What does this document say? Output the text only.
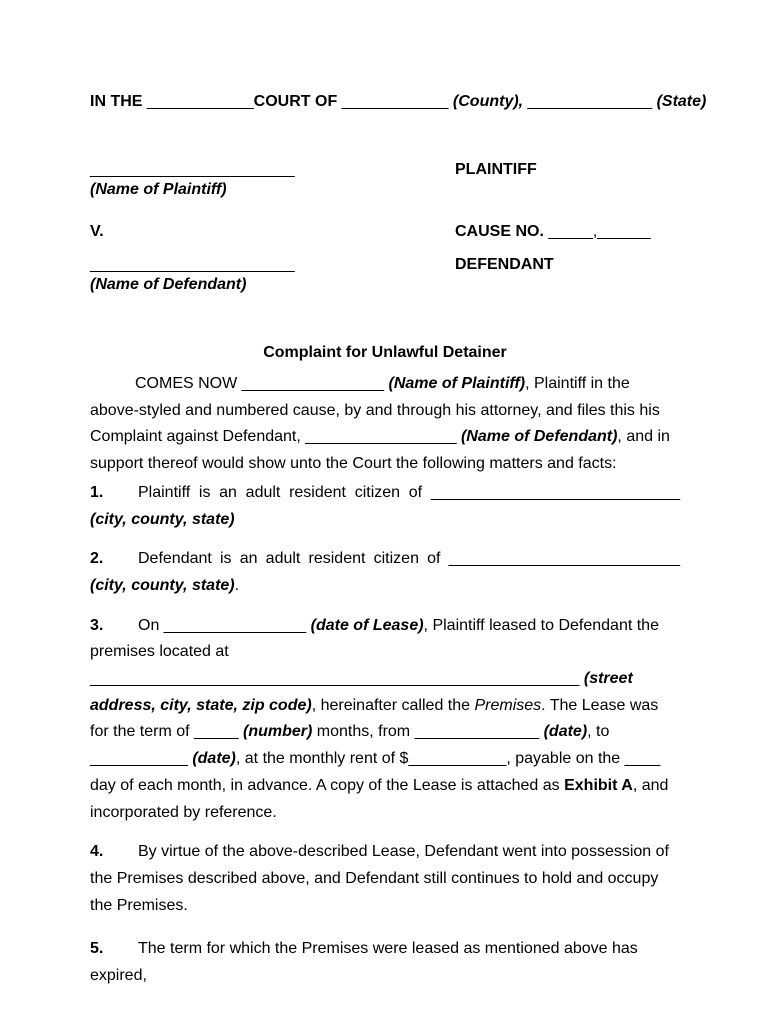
IN THE ____________COURT OF ____________ (County), ______________ (State)
_______________________	PLAINTIFF
(Name of Plaintiff)
V.	CAUSE NO. _____,______
_______________________	DEFENDANT
(Name of Defendant)
Complaint for Unlawful Detainer

COMES NOW ________________ (Name of Plaintiff), Plaintiff in the above-styled and numbered cause, by and through his attorney, and files this his Complaint against Defendant, _________________ (Name of Defendant), and in support thereof would show unto the Court the following matters and facts:

1. Plaintiff is an adult resident citizen of ____________________________ (city, county, state)

2. Defendant is an adult resident citizen of __________________________ (city, county, state).

3. On ________________ (date of Lease), Plaintiff leased to Defendant the premises located at _______________________________________________________ (street address, city, state, zip code), hereinafter called the Premises. The Lease was for the term of _____ (number) months, from ______________ (date), to ___________ (date), at the monthly rent of $___________, payable on the ____ day of each month, in advance. A copy of the Lease is attached as Exhibit A, and incorporated by reference.

4. By virtue of the above-described Lease, Defendant went into possession of the Premises described above, and Defendant still continues to hold and occupy the Premises.

5. The term for which the Premises were leased as mentioned above has expired,
